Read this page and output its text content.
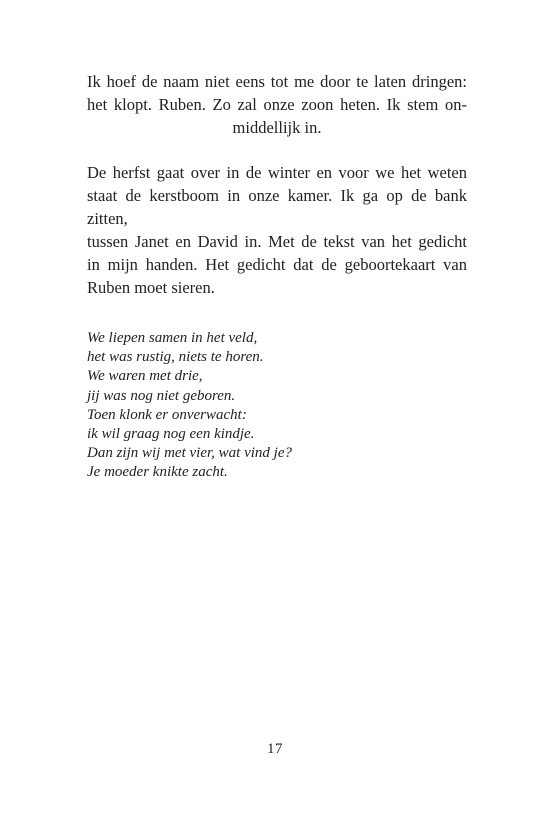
Ik hoef de naam niet eens tot me door te laten dringen:
het klopt. Ruben. Zo zal onze zoon heten. Ik stem on-
middellijk in.

De herfst gaat over in de winter en voor we het weten
staat de kerstboom in onze kamer. Ik ga op de bank zitten,
tussen Janet en David in. Met de tekst van het gedicht
in mijn handen. Het gedicht dat de geboortekaart van
Ruben moet sieren.

We liepen samen in het veld,
het was rustig, niets te horen.
We waren met drie,
jij was nog niet geboren.
Toen klonk er onverwacht:
ik wil graag nog een kindje.
Dan zijn wij met vier, wat vind je?
Je moeder knikte zacht.
17
